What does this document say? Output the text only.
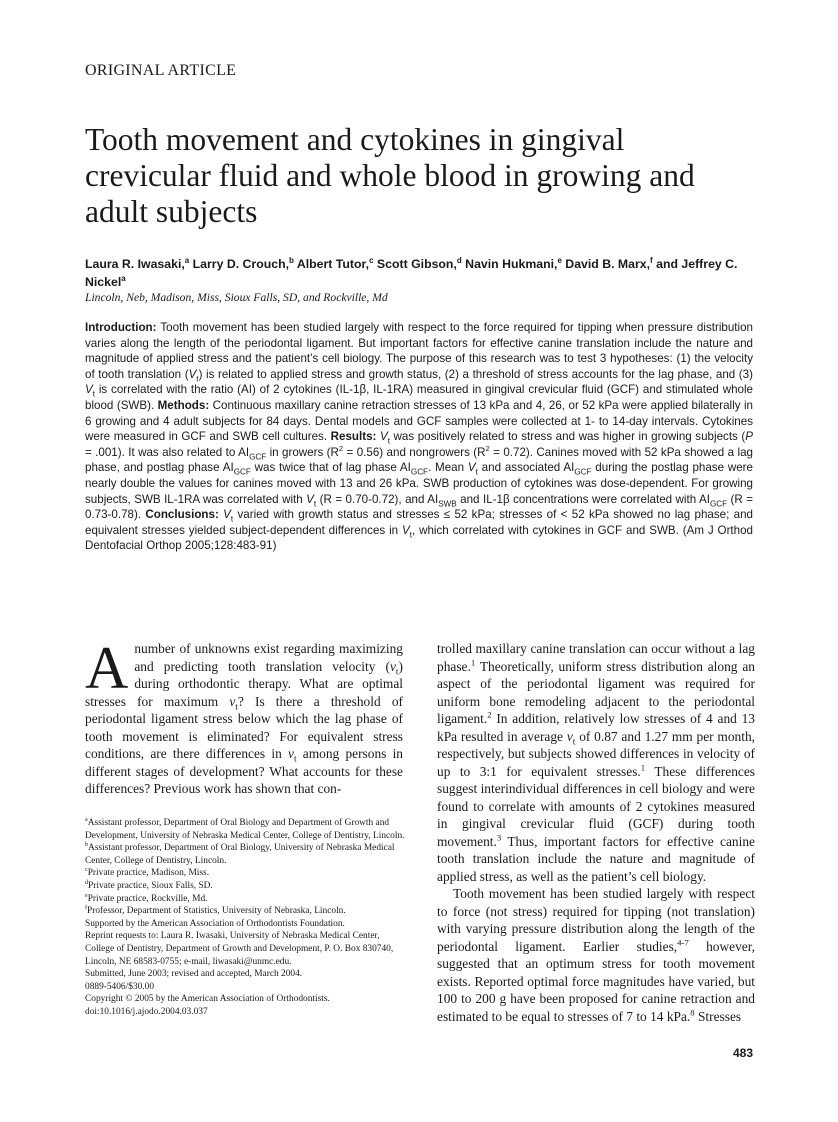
ORIGINAL ARTICLE
Tooth movement and cytokines in gingival crevicular fluid and whole blood in growing and adult subjects
Laura R. Iwasaki,$^a$ Larry D. Crouch,$^b$ Albert Tutor,$^c$ Scott Gibson,$^d$ Navin Hukmani,$^e$ David B. Marx,$^f$ and Jeffrey C. Nickel$^a$
Lincoln, Neb, Madison, Miss, Sioux Falls, SD, and Rockville, Md

Introduction: Tooth movement has been studied largely with respect to the force required for tipping when pressure distribution varies along the length of the periodontal ligament. But important factors for effective canine translation include the nature and magnitude of applied stress and the patient’s cell biology. The purpose of this research was to test 3 hypotheses: (1) the velocity of tooth translation $(V_t)$ is related to applied stress and growth status, (2) a threshold of stress accounts for the lag phase, and (3) $V_t$ is correlated with the ratio (AI) of 2 cytokines (IL-1β, IL-1RA) measured in gingival crevicular fluid (GCF) and stimulated whole blood (SWB). Methods: Continuous maxillary canine retraction stresses of 13 kPa and 4, 26, or 52 kPa were applied bilaterally in 6 growing and 4 adult subjects for 84 days. Dental models and GCF samples were collected at 1- to 14-day intervals. Cytokines were measured in GCF and SWB cell cultures. Results: $V_t$ was positively related to stress and was higher in growing subjects (P = .001). It was also related to $AI_{GCF}$ in growers $(R^2 = 0.56)$ and nongrowers $(R^2 = 0.72)$. Canines moved with 52 kPa showed a lag phase, and postlag phase $AI_{GCF}$ was twice that of lag phase $AI_{GCF}$. Mean $V_t$ and associated $AI_{GCF}$ during the postlag phase were nearly double the values for canines moved with 13 and 26 kPa. SWB production of cytokines was dose-dependent. For growing subjects, SWB IL-1RA was correlated with $V_t$ (R = 0.70-0.72), and $AI_{SWB}$ and IL-1β concentrations were correlated with $AI_{GCF}$ (R = 0.73-0.78). Conclusions: $V_t$ varied with growth status and stresses ≤ 52 kPa; stresses of < 52 kPa showed no lag phase; and equivalent stresses yielded subject-dependent differences in $V_t$, which correlated with cytokines in GCF and SWB. (Am J Orthod Dentofacial Orthop 2005;128:483-91)

Anumber of unknowns exist regarding maximizing and predicting tooth translation velocity $(v_t)$ during orthodontic therapy. What are optimal stresses for maximum $v_t$? Is there a threshold of periodontal ligament stress below which the lag phase of tooth movement is eliminated? For equivalent stress conditions, are there differences in $v_t$ among persons in different stages of development? What accounts for these differences? Previous work has shown that con-

$^a$Assistant professor, Department of Oral Biology and Department of Growth and Development, University of Nebraska Medical Center, College of Dentistry, Lincoln.
$^b$Assistant professor, Department of Oral Biology, University of Nebraska Medical Center, College of Dentistry, Lincoln.
$^c$Private practice, Madison, Miss.
$^d$Private practice, Sioux Falls, SD.
$^e$Private practice, Rockville, Md.
$^f$Professor, Department of Statistics, University of Nebraska, Lincoln.
Supported by the American Association of Orthodontists Foundation.
Reprint requests to: Laura R. Iwasaki, University of Nebraska Medical Center, College of Dentistry, Department of Growth and Development, P. O. Box 830740, Lincoln, NE 68583-0755; e-mail, liwasaki@unmc.edu.
Submitted, June 2003; revised and accepted, March 2004.
0889-5406/$30.00
Copyright © 2005 by the American Association of Orthodontists.
doi:10.1016/j.ajodo.2004.03.037

trolled maxillary canine translation can occur without a lag phase.$^1$ Theoretically, uniform stress distribution along an aspect of the periodontal ligament was required for uniform bone remodeling adjacent to the periodontal ligament.$^2$ In addition, relatively low stresses of 4 and 13 kPa resulted in average $v_t$ of 0.87 and 1.27 mm per month, respectively, but subjects showed differences in velocity of up to 3:1 for equivalent stresses.$^1$ These differences suggest interindividual differences in cell biology and were found to correlate with amounts of 2 cytokines measured in gingival crevicular fluid (GCF) during tooth movement.$^3$ Thus, important factors for effective canine tooth translation include the nature and magnitude of applied stress, as well as the patient’s cell biology.

Tooth movement has been studied largely with respect to force (not stress) required for tipping (not translation) with varying pressure distribution along the length of the periodontal ligament. Earlier studies,$^{4-7}$ however, suggested that an optimum stress for tooth movement exists. Reported optimal force magnitudes have varied, but 100 to 200 g have been proposed for canine retraction and estimated to be equal to stresses of 7 to 14 kPa.$^8$ Stresses

483
